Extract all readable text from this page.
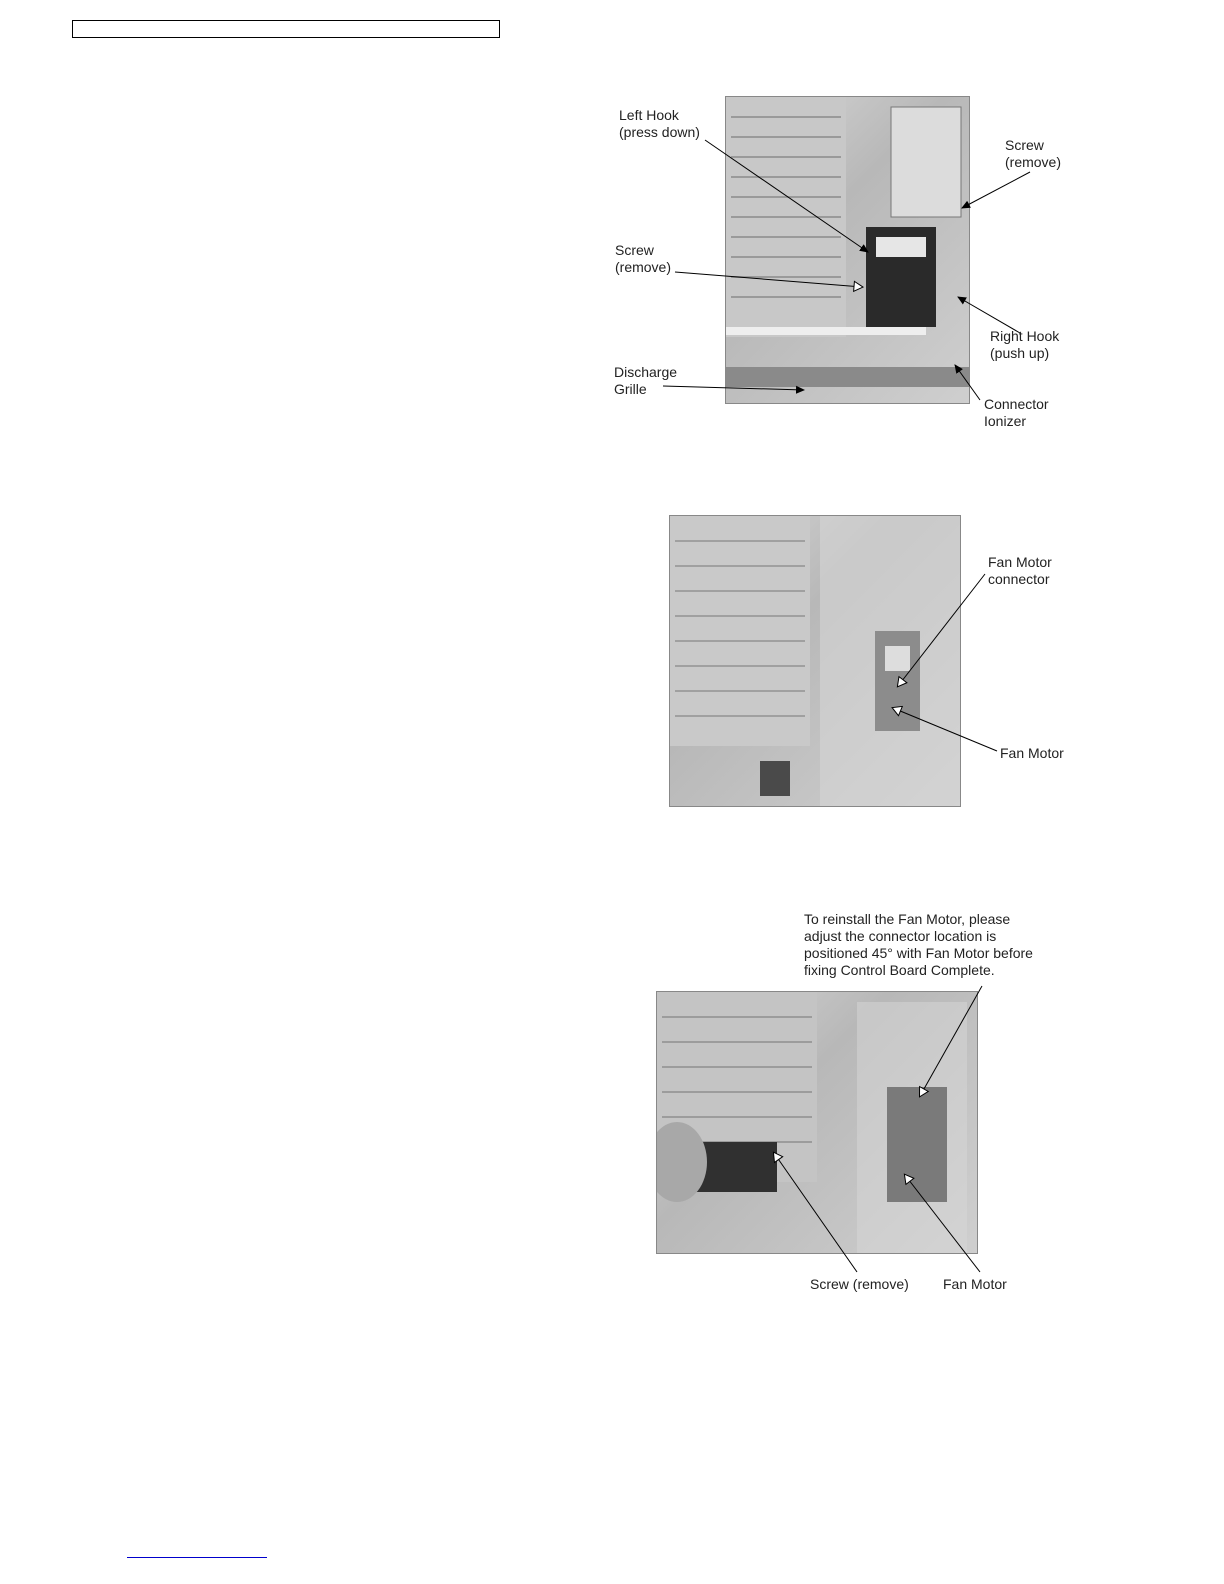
Left Hook
(press down)
Screw
(remove)
Screw
(remove)
Right Hook
(push up)
Discharge
Grille
Connector
Ionizer
Fan Motor
connector
Fan Motor
To reinstall the Fan Motor, please
adjust the connector location is
positioned 45° with Fan Motor before
fixing Control Board Complete.
Screw (remove) Fan Motor
